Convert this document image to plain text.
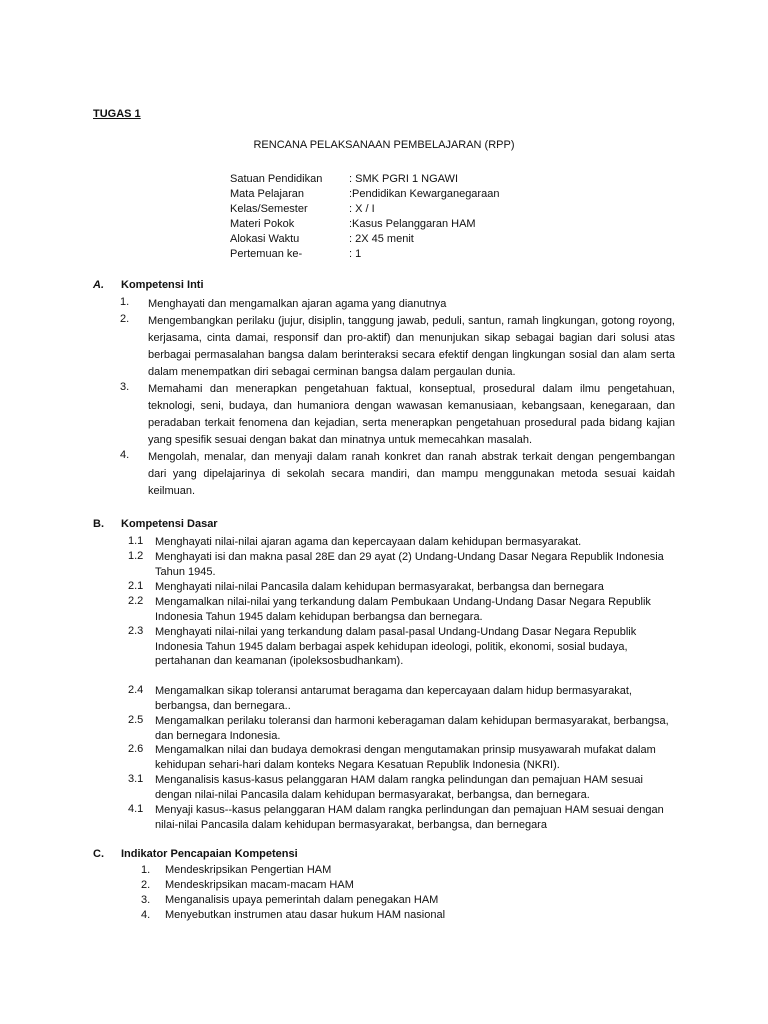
TUGAS 1
RENCANA PELAKSANAAN PEMBELAJARAN (RPP)
Satuan Pendidikan : SMK PGRI 1 NGAWI
Mata Pelajaran	:Pendidikan Kewarganegaraan
Kelas/Semester	: X / I
Materi Pokok	:Kasus Pelanggaran HAM
Alokasi Waktu	: 2X 45 menit
Pertemuan ke-	: 1
A. Kompetensi Inti
1. Menghayati dan mengamalkan ajaran agama yang dianutnya
2. Mengembangkan perilaku (jujur, disiplin, tanggung jawab, peduli, santun, ramah lingkungan, gotong royong, kerjasama, cinta damai, responsif dan pro-aktif) dan menunjukan sikap sebagai bagian dari solusi atas berbagai permasalahan bangsa dalam berinteraksi secara efektif dengan lingkungan sosial dan alam serta dalam menempatkan diri sebagai cerminan bangsa dalam pergaulan dunia.
3. Memahami dan menerapkan pengetahuan faktual, konseptual, prosedural dalam ilmu pengetahuan, teknologi, seni, budaya, dan humaniora dengan wawasan kemanusiaan, kebangsaan, kenegaraan, dan peradaban terkait fenomena dan kejadian, serta menerapkan pengetahuan prosedural pada bidang kajian yang spesifik sesuai dengan bakat dan minatnya untuk memecahkan masalah.
4. Mengolah, menalar, dan menyaji dalam ranah konkret dan ranah abstrak terkait dengan pengembangan dari yang dipelajarinya di sekolah secara mandiri, dan mampu menggunakan metoda sesuai kaidah keilmuan.
B. Kompetensi Dasar
1.1 Menghayati nilai-nilai ajaran agama dan kepercayaan dalam kehidupan bermasyarakat.
1.2 Menghayati isi dan makna pasal 28E dan 29 ayat (2) Undang-Undang Dasar Negara Republik Indonesia Tahun 1945.
2.1 Menghayati nilai-nilai Pancasila dalam kehidupan bermasyarakat, berbangsa dan bernegara
2.2 Mengamalkan nilai-nilai yang terkandung dalam Pembukaan Undang-Undang Dasar Negara Republik Indonesia Tahun 1945 dalam kehidupan berbangsa dan bernegara.
2.3 Menghayati nilai-nilai yang terkandung dalam pasal-pasal Undang-Undang Dasar Negara Republik Indonesia Tahun 1945 dalam berbagai aspek kehidupan ideologi, politik, ekonomi, sosial budaya, pertahanan dan keamanan (ipoleksosbudhankam).
2.4 Mengamalkan sikap toleransi antarumat beragama dan kepercayaan dalam hidup bermasyarakat, berbangsa, dan bernegara..
2.5 Mengamalkan perilaku toleransi dan harmoni keberagaman dalam kehidupan bermasyarakat, berbangsa, dan bernegara Indonesia.
2.6 Mengamalkan nilai dan budaya demokrasi dengan mengutamakan prinsip musyawarah mufakat dalam kehidupan sehari-hari dalam konteks Negara Kesatuan Republik Indonesia (NKRI).
3.1 Menganalisis kasus-kasus pelanggaran HAM dalam rangka pelindungan dan pemajuan HAM sesuai dengan nilai-nilai Pancasila dalam kehidupan bermasyarakat, berbangsa, dan bernegara.
4.1 Menyaji kasus--kasus pelanggaran HAM dalam rangka perlindungan dan pemajuan HAM sesuai dengan nilai-nilai Pancasila dalam kehidupan bermasyarakat, berbangsa, dan bernegara
C. Indikator Pencapaian Kompetensi
1. Mendeskripsikan Pengertian HAM
2. Mendeskripsikan macam-macam HAM
3. Menganalisis upaya pemerintah dalam penegakan HAM
4. Menyebutkan instrumen atau dasar hukum HAM nasional
